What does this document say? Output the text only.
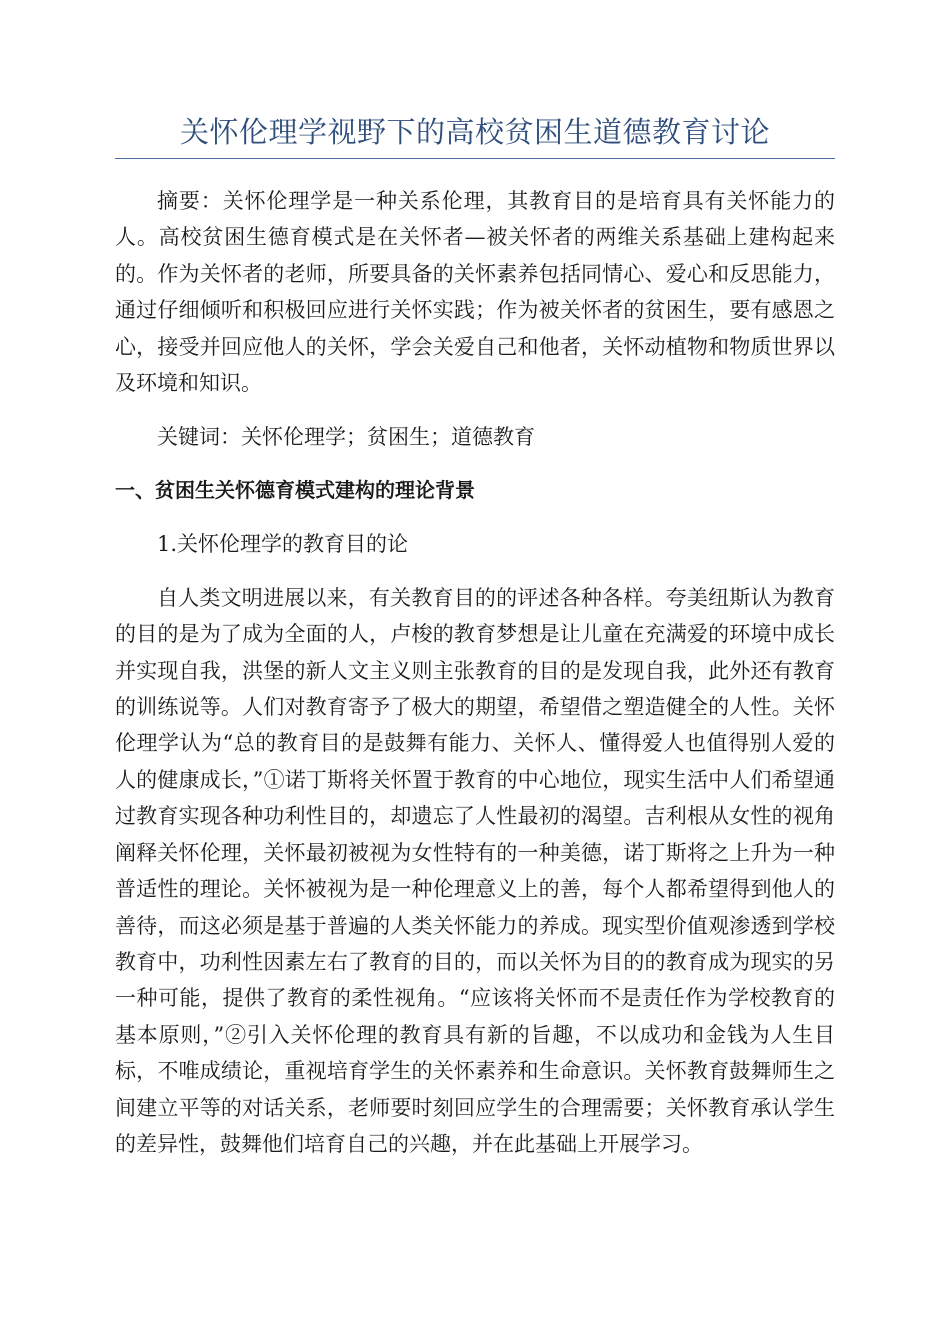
关怀伦理学视野下的高校贫困生道德教育讨论

摘要：关怀伦理学是一种关系伦理，其教育目的是培育具有关怀能力的人。高校贫困生德育模式是在关怀者—被关怀者的两维关系基础上建构起来的。作为关怀者的老师，所要具备的关怀素养包括同情心、爱心和反思能力，通过仔细倾听和积极回应进行关怀实践；作为被关怀者的贫困生，要有感恩之心，接受并回应他人的关怀，学会关爱自己和他者，关怀动植物和物质世界以及环境和知识。

关键词：关怀伦理学；贫困生；道德教育

一、贫困生关怀德育模式建构的理论背景

1.关怀伦理学的教育目的论

自人类文明进展以来，有关教育目的的评述各种各样。夸美纽斯认为教育的目的是为了成为全面的人，卢梭的教育梦想是让儿童在充满爱的环境中成长并实现自我，洪堡的新人文主义则主张教育的目的是发现自我，此外还有教育的训练说等。人们对教育寄予了极大的期望，希望借之塑造健全的人性。关怀伦理学认为“总的教育目的是鼓舞有能力、关怀人、懂得爱人也值得别人爱的人的健康成长，”①诺丁斯将关怀置于教育的中心地位，现实生活中人们希望通过教育实现各种功利性目的，却遗忘了人性最初的渴望。吉利根从女性的视角阐释关怀伦理，关怀最初被视为女性特有的一种美德，诺丁斯将之上升为一种普适性的理论。关怀被视为是一种伦理意义上的善，每个人都希望得到他人的善待，而这必须是基于普遍的人类关怀能力的养成。现实型价值观渗透到学校教育中，功利性因素左右了教育的目的，而以关怀为目的的教育成为现实的另一种可能，提供了教育的柔性视角。“应该将关怀而不是责任作为学校教育的基本原则，”②引入关怀伦理的教育具有新的旨趣，不以成功和金钱为人生目标，不唯成绩论，重视培育学生的关怀素养和生命意识。关怀教育鼓舞师生之间建立平等的对话关系，老师要时刻回应学生的合理需要；关怀教育承认学生的差异性，鼓舞他们培育自己的兴趣，并在此基础上开展学习。
